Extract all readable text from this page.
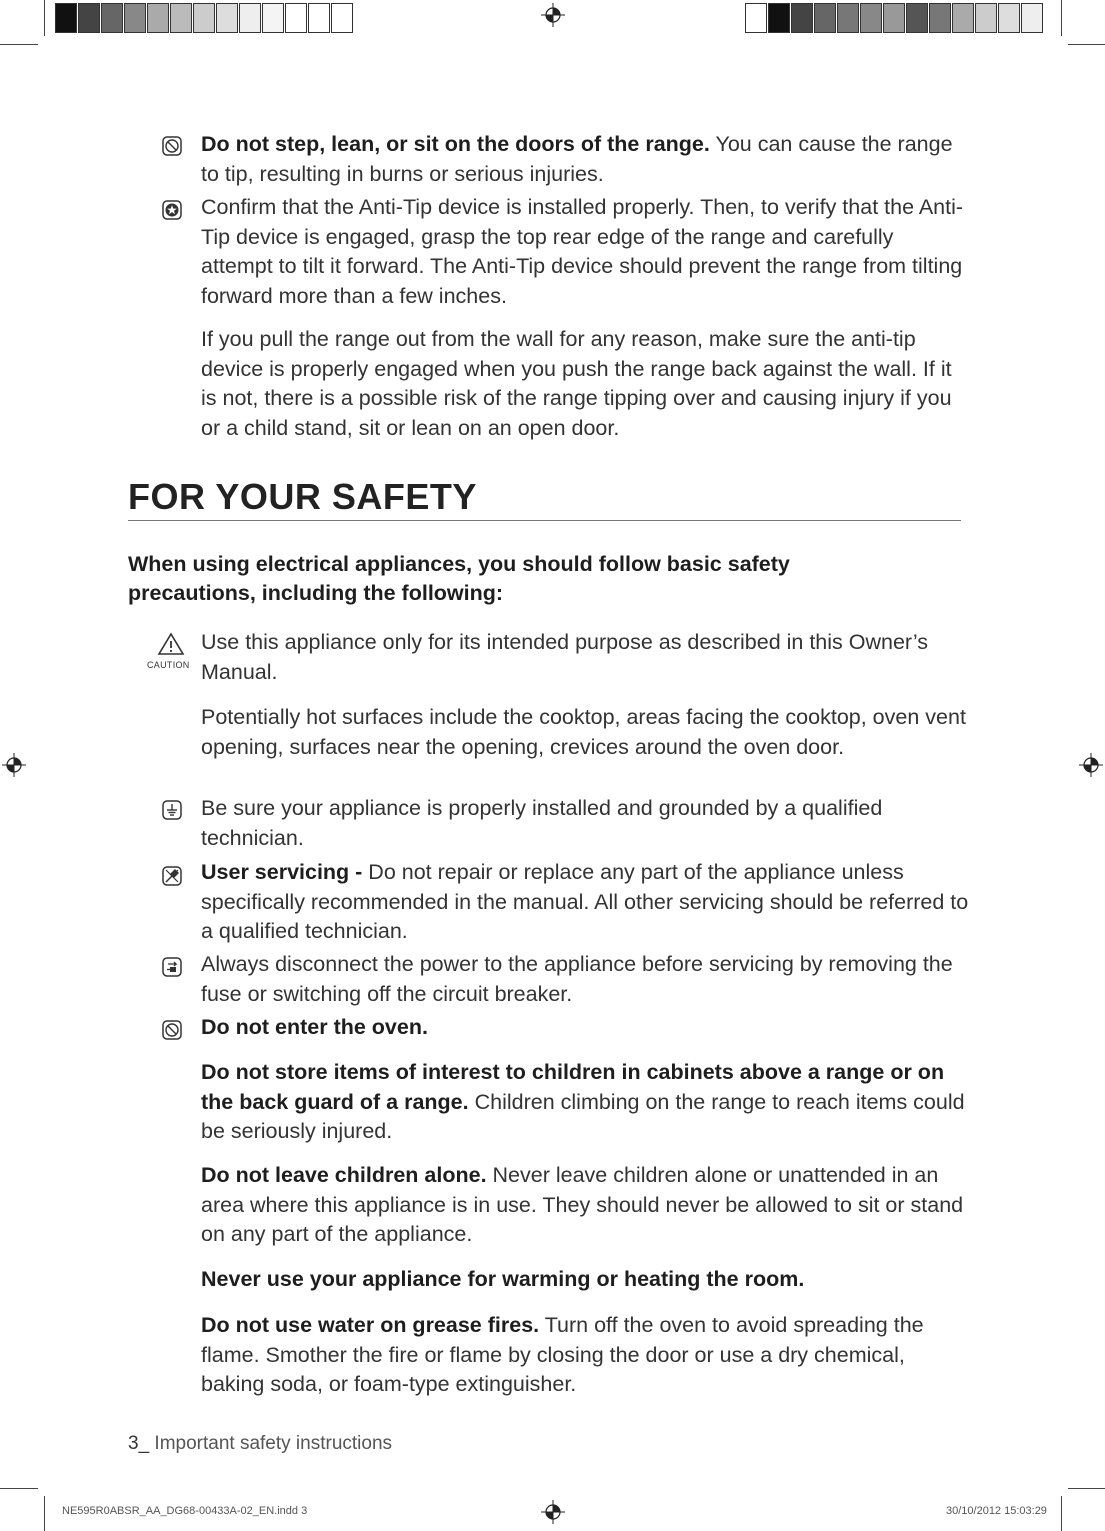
Do not step, lean, or sit on the doors of the range. You can cause the range to tip, resulting in burns or serious injuries.
Confirm that the Anti-Tip device is installed properly. Then, to verify that the Anti-Tip device is engaged, grasp the top rear edge of the range and carefully attempt to tilt it forward. The Anti-Tip device should prevent the range from tilting forward more than a few inches.
If you pull the range out from the wall for any reason, make sure the anti-tip device is properly engaged when you push the range back against the wall. If it is not, there is a possible risk of the range tipping over and causing injury if you or a child stand, sit or lean on an open door.
FOR YOUR SAFETY
When using electrical appliances, you should follow basic safety precautions, including the following:
CAUTION
Use this appliance only for its intended purpose as described in this Owner’s Manual.
Potentially hot surfaces include the cooktop, areas facing the cooktop, oven vent opening, surfaces near the opening, crevices around the oven door.
Be sure your appliance is properly installed and grounded by a qualified technician.
User servicing - Do not repair or replace any part of the appliance unless specifically recommended in the manual. All other servicing should be referred to a qualified technician.
Always disconnect the power to the appliance before servicing by removing the fuse or switching off the circuit breaker.
Do not enter the oven.
Do not store items of interest to children in cabinets above a range or on the back guard of a range. Children climbing on the range to reach items could be seriously injured.
Do not leave children alone. Never leave children alone or unattended in an area where this appliance is in use. They should never be allowed to sit or stand on any part of the appliance.
Never use your appliance for warming or heating the room.
Do not use water on grease fires. Turn off the oven to avoid spreading the flame. Smother the fire or flame by closing the door or use a dry chemical, baking soda, or foam-type extinguisher.
3_ Important safety instructions
NE595R0ABSR_AA_DG68-00433A-02_EN.indd 3	30/10/2012 15:03:29
